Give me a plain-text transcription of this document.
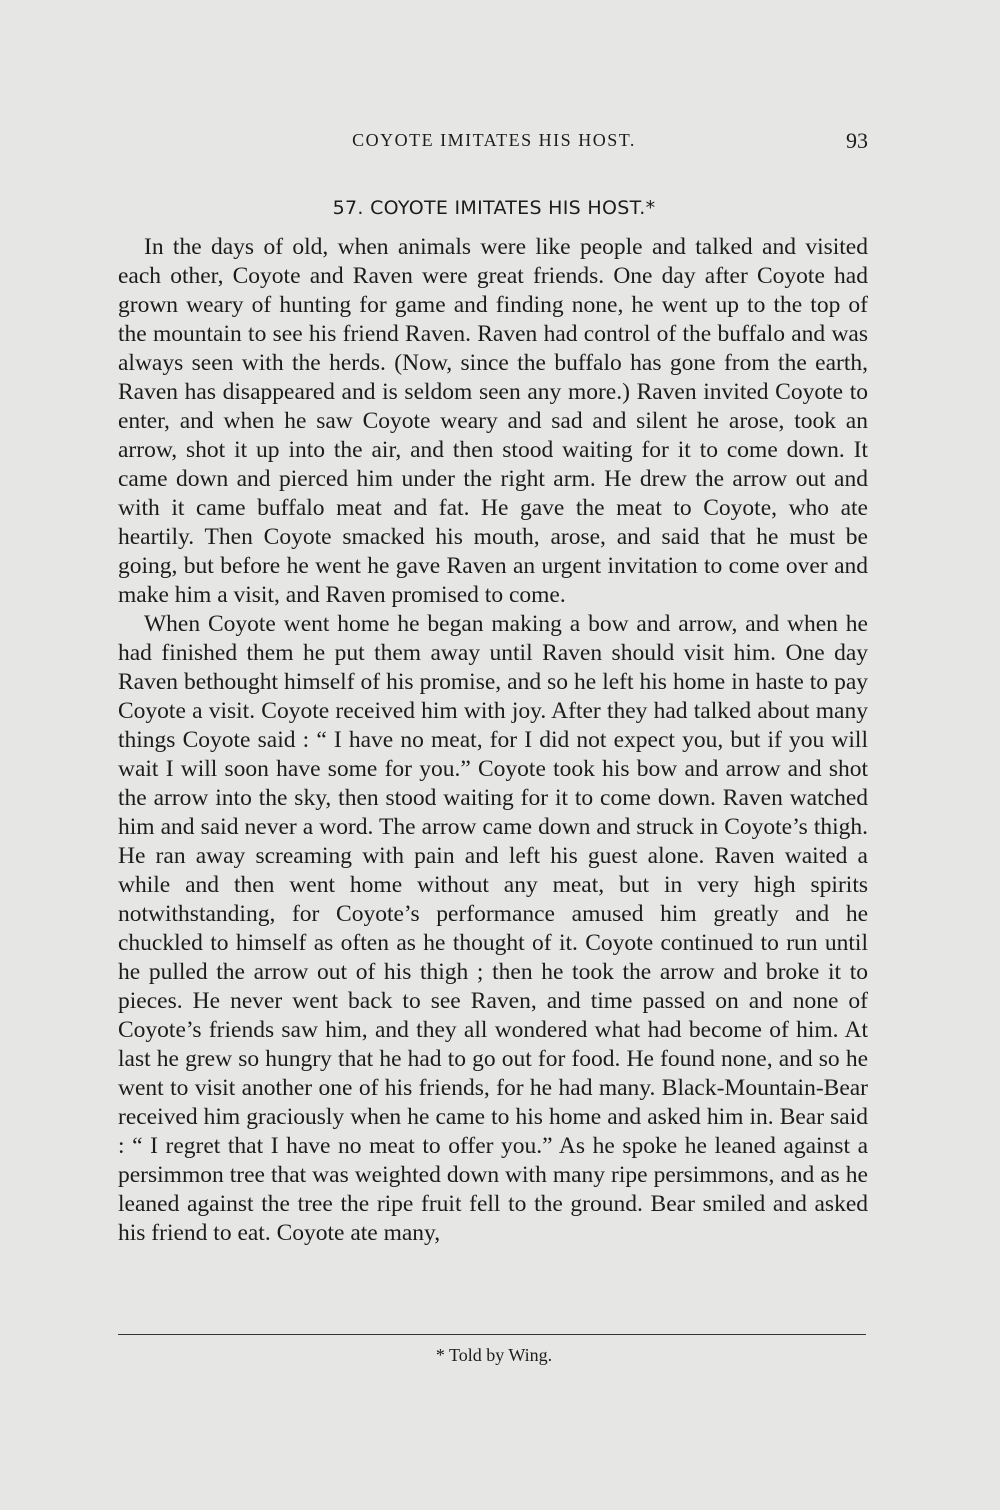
COYOTE IMITATES HIS HOST.	93
57. COYOTE IMITATES HIS HOST.*

In the days of old, when animals were like people and talked and visited each other, Coyote and Raven were great friends. One day after Coyote had grown weary of hunting for game and finding none, he went up to the top of the mountain to see his friend Raven. Raven had control of the buffalo and was always seen with the herds. (Now, since the buffalo has gone from the earth, Raven has disappeared and is seldom seen any more.) Raven invited Coyote to enter, and when he saw Coyote weary and sad and silent he arose, took an arrow, shot it up into the air, and then stood waiting for it to come down. It came down and pierced him under the right arm. He drew the arrow out and with it came buffalo meat and fat. He gave the meat to Coyote, who ate heartily. Then Coyote smacked his mouth, arose, and said that he must be going, but before he went he gave Raven an urgent invitation to come over and make him a visit, and Raven promised to come.

When Coyote went home he began making a bow and arrow, and when he had finished them he put them away until Raven should visit him. One day Raven bethought himself of his promise, and so he left his home in haste to pay Coyote a visit. Coyote received him with joy. After they had talked about many things Coyote said : “ I have no meat, for I did not expect you, but if you will wait I will soon have some for you.” Coyote took his bow and arrow and shot the arrow into the sky, then stood waiting for it to come down. Raven watched him and said never a word. The arrow came down and struck in Coyote’s thigh. He ran away screaming with pain and left his guest alone. Raven waited a while and then went home without any meat, but in very high spirits notwithstanding, for Coyote’s performance amused him greatly and he chuckled to himself as often as he thought of it. Coyote continued to run until he pulled the arrow out of his thigh ; then he took the arrow and broke it to pieces. He never went back to see Raven, and time passed on and none of Coyote’s friends saw him, and they all wondered what had become of him. At last he grew so hungry that he had to go out for food. He found none, and so he went to visit another one of his friends, for he had many. Black-Mountain-Bear received him graciously when he came to his home and asked him in. Bear said : “ I regret that I have no meat to offer you.” As he spoke he leaned against a persimmon tree that was weighted down with many ripe persimmons, and as he leaned against the tree the ripe fruit fell to the ground. Bear smiled and asked his friend to eat. Coyote ate many,

* Told by Wing.
